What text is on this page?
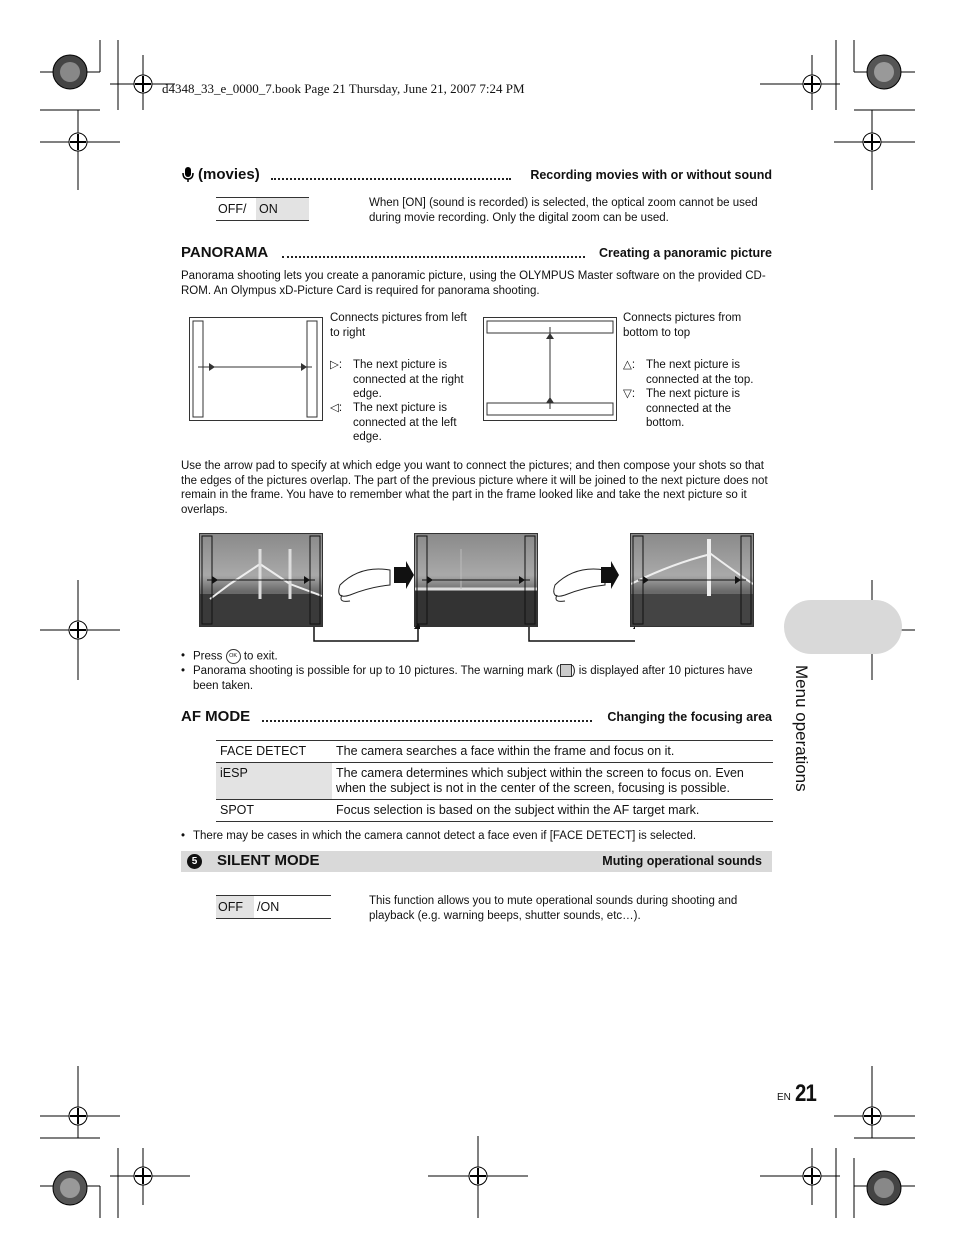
d4348_33_e_0000_7.book Page 21 Thursday, June 21, 2007 7:24 PM
(movies)	Recording movies with or without sound
OFF/ ON	When [ON] (sound is recorded) is selected, the optical zoom cannot be used during movie recording. Only the digital zoom can be used.
PANORAMA	Creating a panoramic picture
Panorama shooting lets you create a panoramic picture, using the OLYMPUS Master software on the provided CD-ROM. An Olympus xD-Picture Card is required for panorama shooting.
Connects pictures from left to right
▷: The next picture is connected at the right edge.
◁: The next picture is connected at the left edge.
Connects pictures from bottom to top
△: The next picture is connected at the top.
▽: The next picture is connected at the bottom.
Use the arrow pad to specify at which edge you want to connect the pictures; and then compose your shots so that the edges of the pictures overlap. The part of the previous picture where it will be joined to the next picture does not remain in the frame. You have to remember what the part in the frame looked like and take the next picture so it overlaps.
• Press OK to exit.
• Panorama shooting is possible for up to 10 pictures. The warning mark ( ) is displayed after 10 pictures have been taken.
AF MODE	Changing the focusing area
FACE DETECT	The camera searches a face within the frame and focus on it.
iESP	The camera determines which subject within the screen to focus on. Even when the subject is not in the center of the screen, focusing is possible.
SPOT	Focus selection is based on the subject within the AF target mark.
• There may be cases in which the camera cannot detect a face even if [FACE DETECT] is selected.
5	SILENT MODE	Muting operational sounds
OFF /ON	This function allows you to mute operational sounds during shooting and playback (e.g. warning beeps, shutter sounds, etc…).
Menu operations
EN 21
